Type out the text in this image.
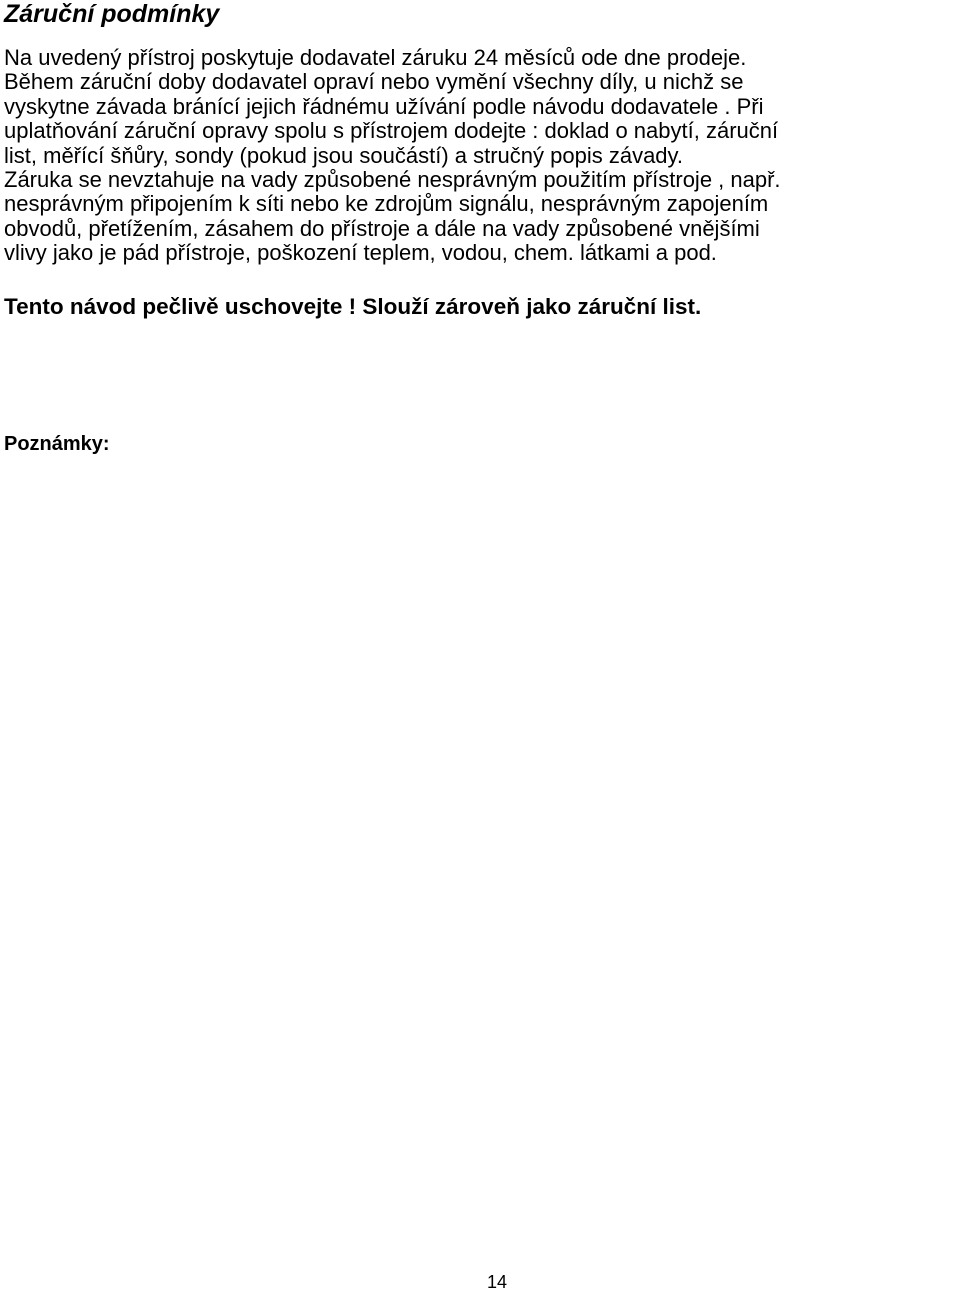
Záruční podmínky
Na uvedený přístroj poskytuje dodavatel záruku 24 měsíců ode dne prodeje.
Během záruční doby dodavatel opraví nebo vymění všechny díly, u nichž se
vyskytne závada bránící jejich řádnému užívání podle návodu dodavatele . Při
uplatňování záruční opravy spolu s přístrojem dodejte : doklad o nabytí, záruční
list, měřící šňůry, sondy (pokud jsou součástí) a stručný popis závady.
Záruka se nevztahuje na vady způsobené nesprávným použitím přístroje , např.
nesprávným připojením k síti nebo ke zdrojům signálu, nesprávným zapojením
obvodů, přetížením, zásahem do přístroje a dále na vady způsobené vnějšími
vlivy jako je pád přístroje, poškození teplem, vodou, chem. látkami a pod.

Tento návod pečlivě uschovejte ! Slouží zároveň jako záruční list.

Poznámky:

14
